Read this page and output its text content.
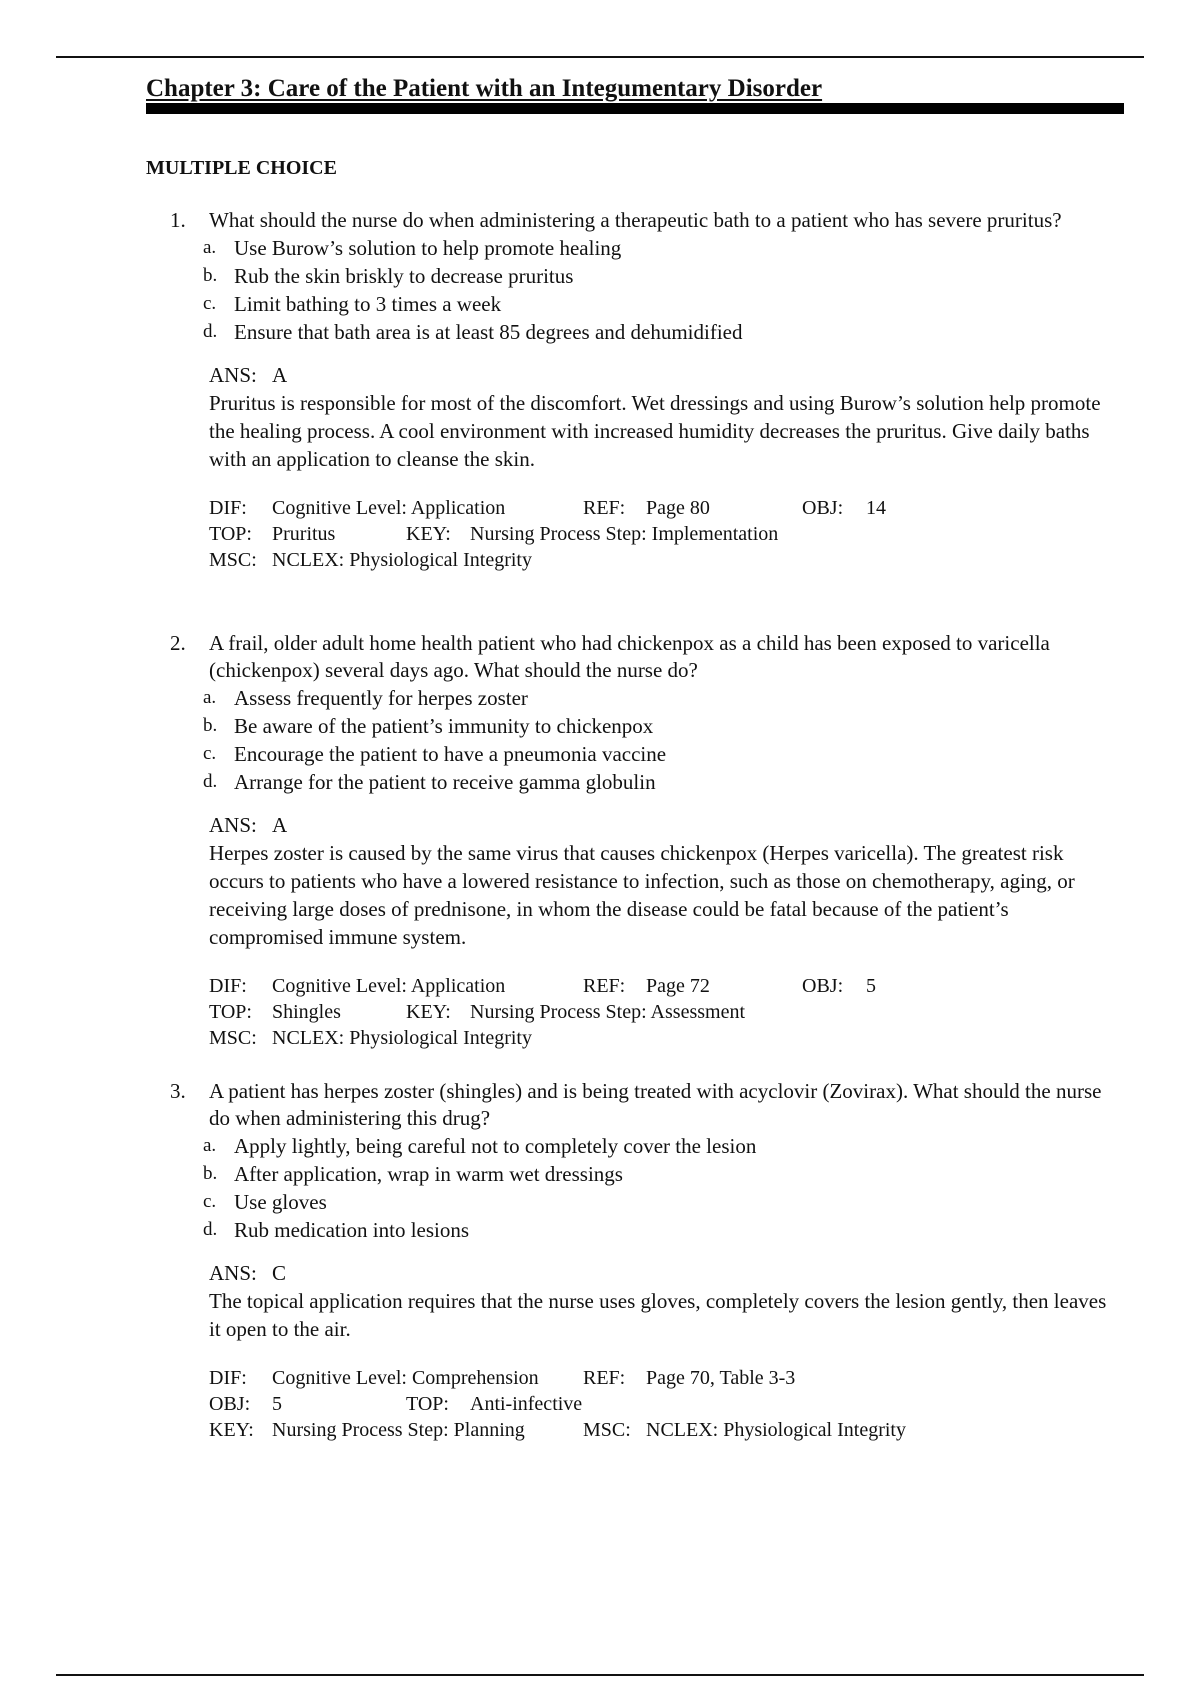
Chapter 3: Care of the Patient with an Integumentary Disorder
MULTIPLE CHOICE
1.	What should the nurse do when administering a therapeutic bath to a patient who has severe pruritus?
a. Use Burow’s solution to help promote healing
b. Rub the skin briskly to decrease pruritus
c. Limit bathing to 3 times a week
d. Ensure that bath area is at least 85 degrees and dehumidified
ANS: A
Pruritus is responsible for most of the discomfort. Wet dressings and using Burow’s solution help promote the healing process. A cool environment with increased humidity decreases the pruritus. Give daily baths with an application to cleanse the skin.
DIF: Cognitive Level: Application	REF: Page 80	OBJ: 14
TOP: Pruritus	KEY: Nursing Process Step: Implementation
MSC: NCLEX: Physiological Integrity
2.	A frail, older adult home health patient who had chickenpox as a child has been exposed to varicella (chickenpox) several days ago. What should the nurse do?
a. Assess frequently for herpes zoster
b. Be aware of the patient’s immunity to chickenpox
c. Encourage the patient to have a pneumonia vaccine
d. Arrange for the patient to receive gamma globulin
ANS: A
Herpes zoster is caused by the same virus that causes chickenpox (Herpes varicella). The greatest risk occurs to patients who have a lowered resistance to infection, such as those on chemotherapy, aging, or receiving large doses of prednisone, in whom the disease could be fatal because of the patient’s compromised immune system.
DIF: Cognitive Level: Application	REF: Page 72	OBJ: 5
TOP: Shingles	KEY: Nursing Process Step: Assessment
MSC: NCLEX: Physiological Integrity
3.	A patient has herpes zoster (shingles) and is being treated with acyclovir (Zovirax). What should the nurse do when administering this drug?
a. Apply lightly, being careful not to completely cover the lesion
b. After application, wrap in warm wet dressings
c. Use gloves
d. Rub medication into lesions
ANS: C
The topical application requires that the nurse uses gloves, completely covers the lesion gently, then leaves it open to the air.
DIF: Cognitive Level: Comprehension REF: Page 70, Table 3-3
OBJ: 5	TOP: Anti-infective
KEY: Nursing Process Step: Planning	MSC: NCLEX: Physiological Integrity
